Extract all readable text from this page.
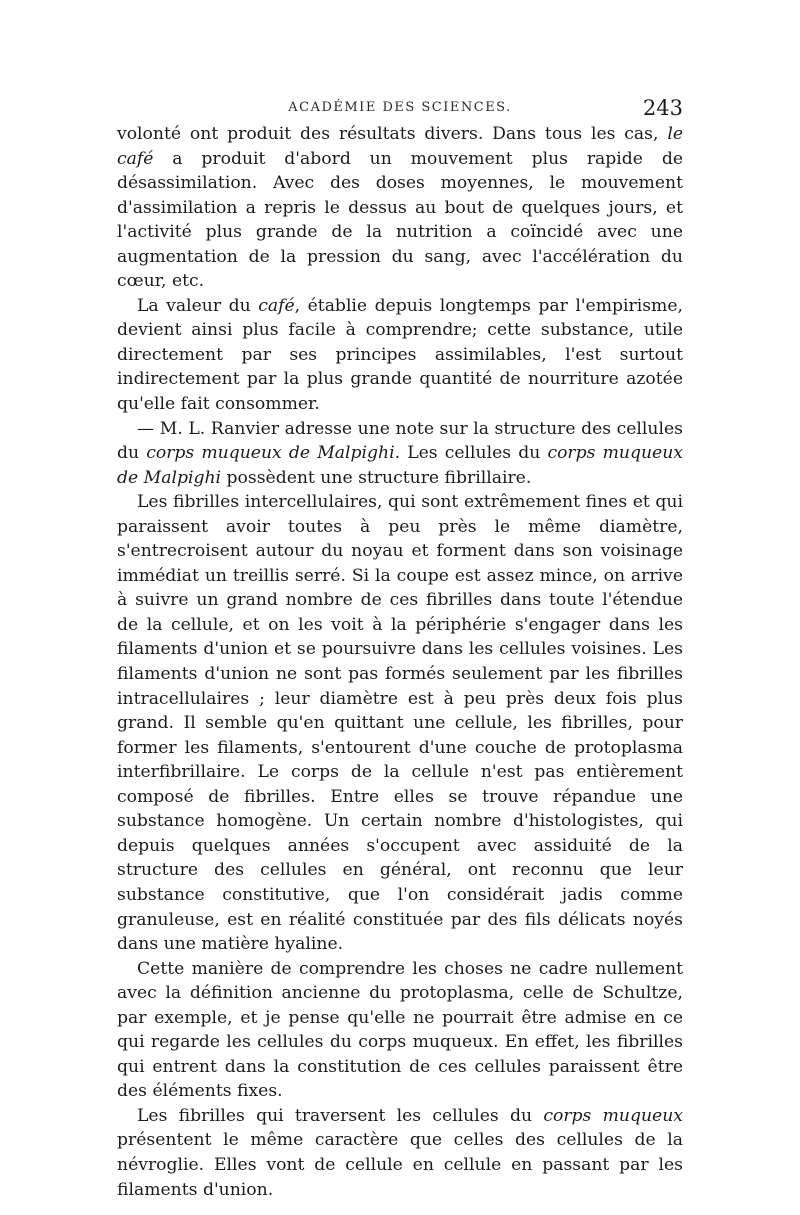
ACADÉMIE DES SCIENCES.	243

volonté ont produit des résultats divers. Dans tous les cas, le café a produit d'abord un mouvement plus rapide de désassimilation. Avec des doses moyennes, le mouvement d'assimilation a repris le dessus au bout de quelques jours, et l'activité plus grande de la nutrition a coïncidé avec une augmentation de la pression du sang, avec l'accélération du cœur, etc.

La valeur du café, établie depuis longtemps par l'empirisme, devient ainsi plus facile à comprendre; cette substance, utile directement par ses principes assimilables, l'est surtout indirectement par la plus grande quantité de nourriture azotée qu'elle fait consommer.

— M. L. Ranvier adresse une note sur la structure des cellules du corps muqueux de Malpighi. Les cellules du corps muqueux de Malpighi possèdent une structure fibrillaire.

Les fibrilles intercellulaires, qui sont extrêmement fines et qui paraissent avoir toutes à peu près le même diamètre, s'entrecroisent autour du noyau et forment dans son voisinage immédiat un treillis serré. Si la coupe est assez mince, on arrive à suivre un grand nombre de ces fibrilles dans toute l'étendue de la cellule, et on les voit à la périphérie s'engager dans les filaments d'union et se poursuivre dans les cellules voisines. Les filaments d'union ne sont pas formés seulement par les fibrilles intracellulaires ; leur diamètre est à peu près deux fois plus grand. Il semble qu'en quittant une cellule, les fibrilles, pour former les filaments, s'entourent d'une couche de protoplasma interfibrillaire. Le corps de la cellule n'est pas entièrement composé de fibrilles. Entre elles se trouve répandue une substance homogène. Un certain nombre d'histologistes, qui depuis quelques années s'occupent avec assiduité de la structure des cellules en général, ont reconnu que leur substance constitutive, que l'on considérait jadis comme granuleuse, est en réalité constituée par des fils délicats noyés dans une matière hyaline.

Cette manière de comprendre les choses ne cadre nullement avec la définition ancienne du protoplasma, celle de Schultze, par exemple, et je pense qu'elle ne pourrait être admise en ce qui regarde les cellules du corps muqueux. En effet, les fibrilles qui entrent dans la constitution de ces cellules paraissent être des éléments fixes.

Les fibrilles qui traversent les cellules du corps muqueux présentent le même caractère que celles des cellules de la névroglie. Elles vont de cellule en cellule en passant par les filaments d'union.
